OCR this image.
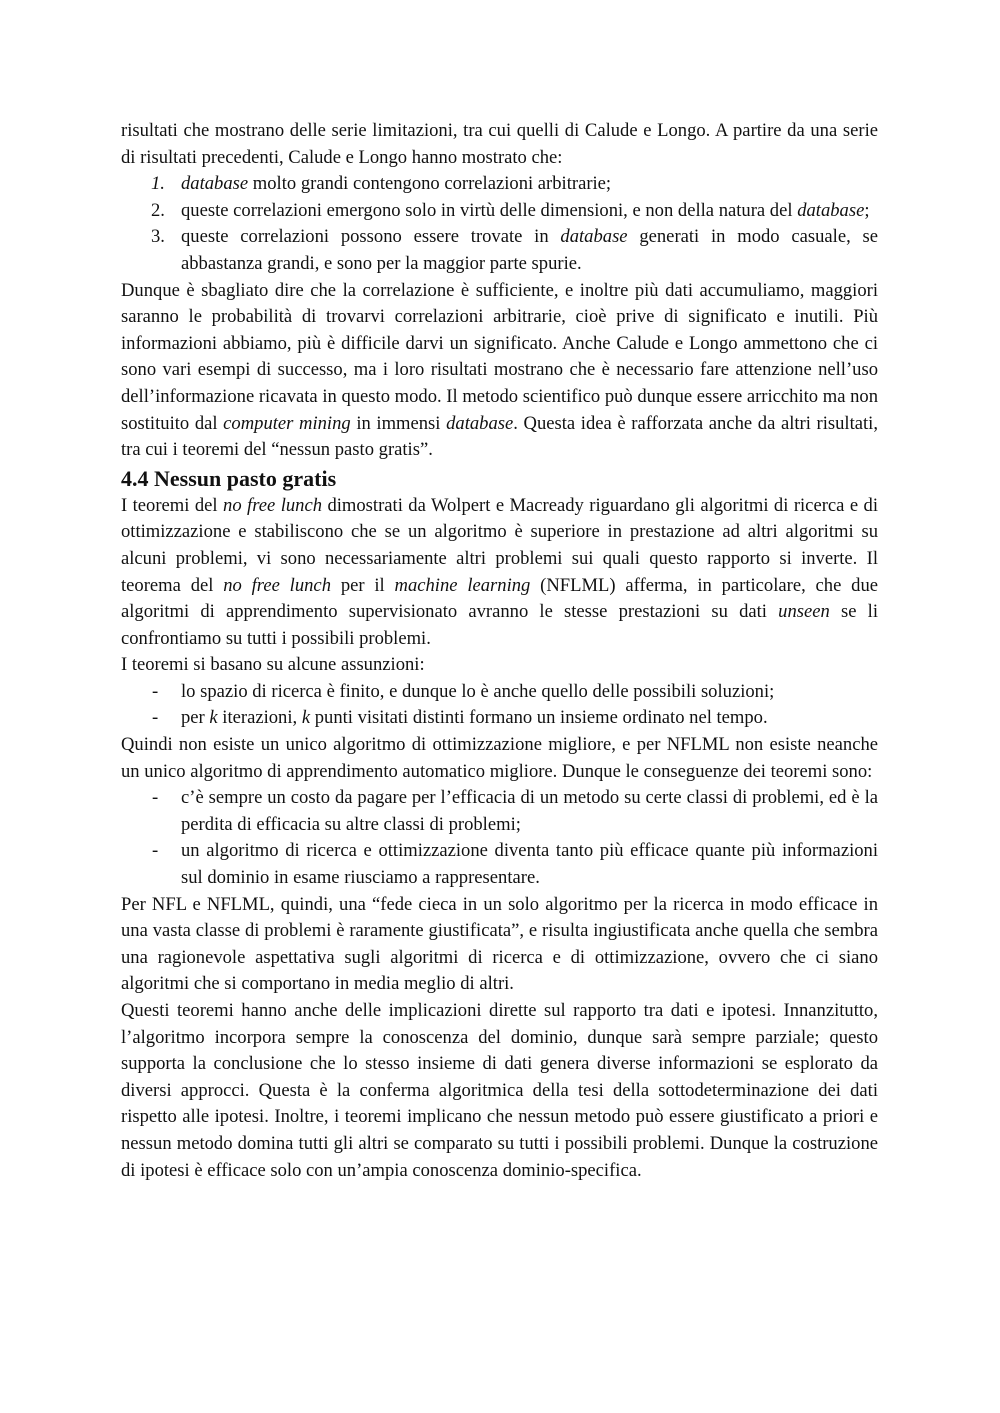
risultati che mostrano delle serie limitazioni, tra cui quelli di Calude e Longo. A partire da una serie di risultati precedenti, Calude e Longo hanno mostrato che:

1. database molto grandi contengono correlazioni arbitrarie;
2. queste correlazioni emergono solo in virtù delle dimensioni, e non della natura del database;
3. queste correlazioni possono essere trovate in database generati in modo casuale, se abbastanza grandi, e sono per la maggior parte spurie.

Dunque è sbagliato dire che la correlazione è sufficiente, e inoltre più dati accumuliamo, maggiori saranno le probabilità di trovarvi correlazioni arbitrarie, cioè prive di significato e inutili. Più informazioni abbiamo, più è difficile darvi un significato. Anche Calude e Longo ammettono che ci sono vari esempi di successo, ma i loro risultati mostrano che è necessario fare attenzione nell’uso dell’informazione ricavata in questo modo. Il metodo scientifico può dunque essere arricchito ma non sostituito dal computer mining in immensi database. Questa idea è rafforzata anche da altri risultati, tra cui i teoremi del “nessun pasto gratis”.

4.4 Nessun pasto gratis

I teoremi del no free lunch dimostrati da Wolpert e Macready riguardano gli algoritmi di ricerca e di ottimizzazione e stabiliscono che se un algoritmo è superiore in prestazione ad altri algoritmi su alcuni problemi, vi sono necessariamente altri problemi sui quali questo rapporto si inverte. Il teorema del no free lunch per il machine learning (NFLML) afferma, in particolare, che due algoritmi di apprendimento supervisionato avranno le stesse prestazioni su dati unseen se li confrontiamo su tutti i possibili problemi.

I teoremi si basano su alcune assunzioni:

- lo spazio di ricerca è finito, e dunque lo è anche quello delle possibili soluzioni;
- per k iterazioni, k punti visitati distinti formano un insieme ordinato nel tempo.

Quindi non esiste un unico algoritmo di ottimizzazione migliore, e per NFLML non esiste neanche un unico algoritmo di apprendimento automatico migliore. Dunque le conseguenze dei teoremi sono:

- c’è sempre un costo da pagare per l’efficacia di un metodo su certe classi di problemi, ed è la perdita di efficacia su altre classi di problemi;
- un algoritmo di ricerca e ottimizzazione diventa tanto più efficace quante più informazioni sul dominio in esame riusciamo a rappresentare.

Per NFL e NFLML, quindi, una “fede cieca in un solo algoritmo per la ricerca in modo efficace in una vasta classe di problemi è raramente giustificata”, e risulta ingiustificata anche quella che sembra una ragionevole aspettativa sugli algoritmi di ricerca e di ottimizzazione, ovvero che ci siano algoritmi che si comportano in media meglio di altri.

Questi teoremi hanno anche delle implicazioni dirette sul rapporto tra dati e ipotesi. Innanzitutto, l’algoritmo incorpora sempre la conoscenza del dominio, dunque sarà sempre parziale; questo supporta la conclusione che lo stesso insieme di dati genera diverse informazioni se esplorato da diversi approcci. Questa è la conferma algoritmica della tesi della sottodeterminazione dei dati rispetto alle ipotesi. Inoltre, i teoremi implicano che nessun metodo può essere giustificato a priori e nessun metodo domina tutti gli altri se comparato su tutti i possibili problemi. Dunque la costruzione di ipotesi è efficace solo con un’ampia conoscenza dominio-specifica.
